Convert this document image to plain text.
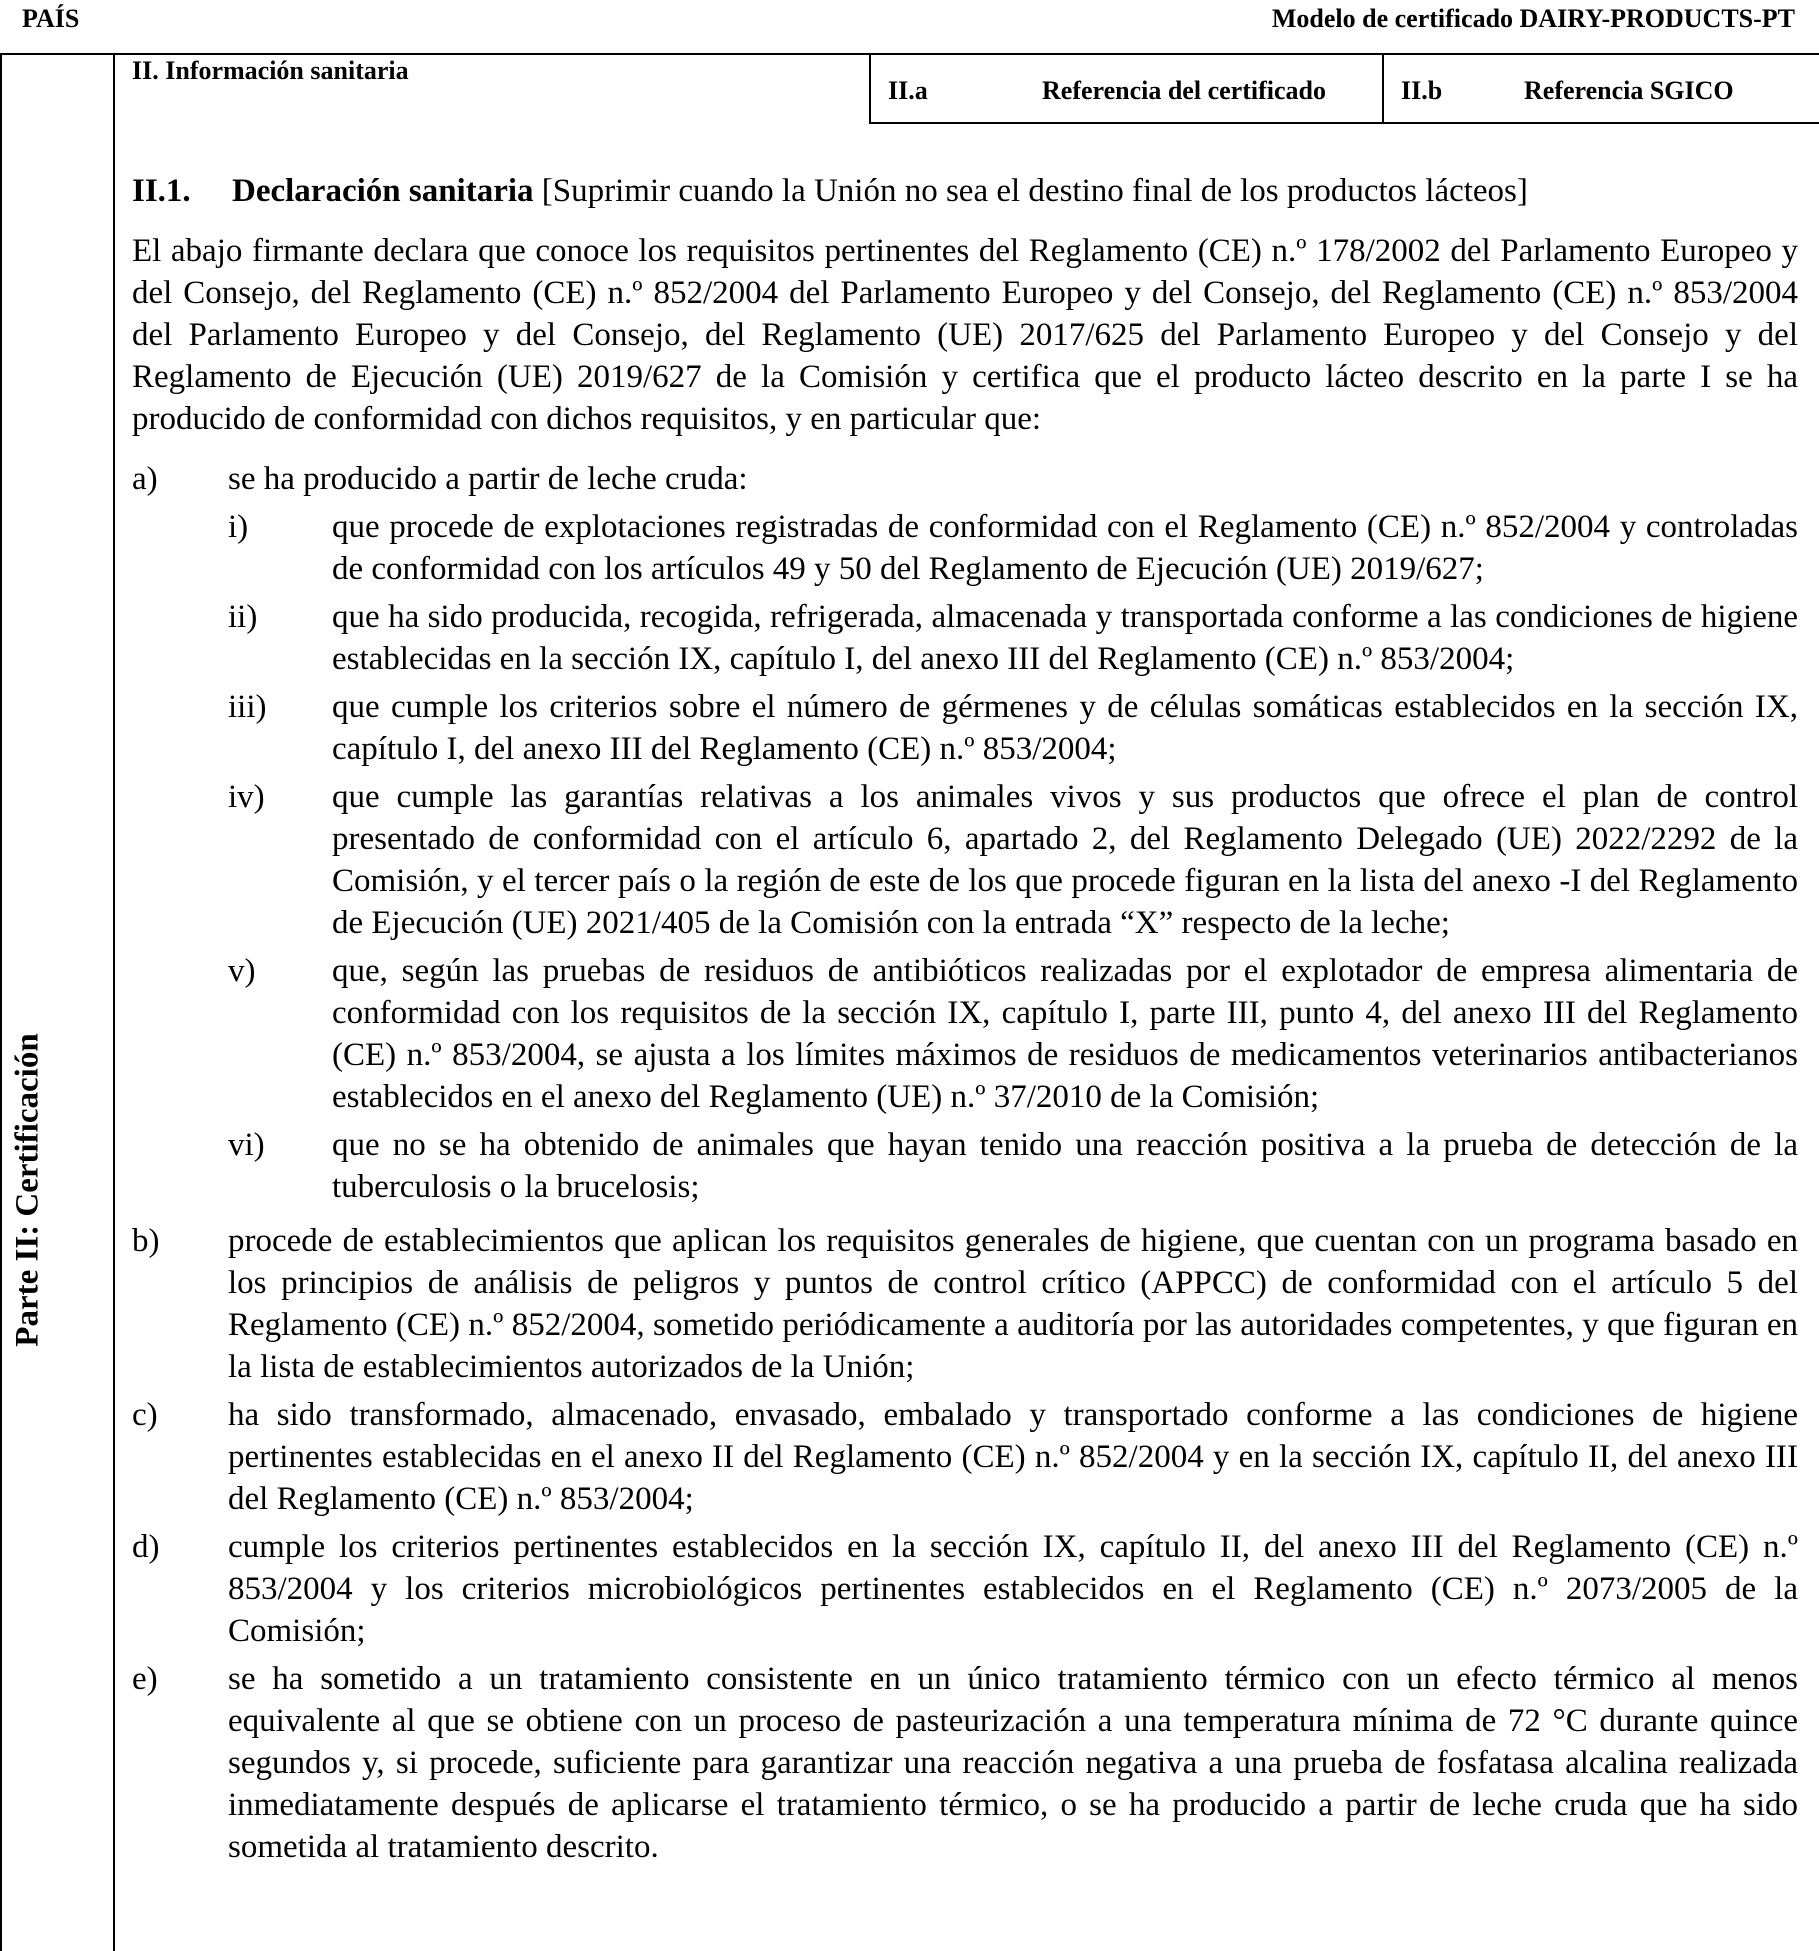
PAÍS	Modelo de certificado DAIRY-PRODUCTS-PT
Parte II: Certificación
II. Información sanitaria
II.a	Referencia del certificado	II.b	Referencia SGICO

II.1. Declaración sanitaria [Suprimir cuando la Unión no sea el destino final de los productos lácteos]

El abajo firmante declara que conoce los requisitos pertinentes del Reglamento (CE) n.º 178/2002 del Parlamento Europeo y del Consejo, del Reglamento (CE) n.º 852/2004 del Parlamento Europeo y del Consejo, del Reglamento (CE) n.º 853/2004 del Parlamento Europeo y del Consejo, del Reglamento (UE) 2017/625 del Parlamento Europeo y del Consejo y del Reglamento de Ejecución (UE) 2019/627 de la Comisión y certifica que el producto lácteo descrito en la parte I se ha producido de conformidad con dichos requisitos, y en particular que:

a)	se ha producido a partir de leche cruda:

i)	que procede de explotaciones registradas de conformidad con el Reglamento (CE) n.º 852/2004 y controladas de conformidad con los artículos 49 y 50 del Reglamento de Ejecución (UE) 2019/627;
ii)	que ha sido producida, recogida, refrigerada, almacenada y transportada conforme a las condiciones de higiene establecidas en la sección IX, capítulo I, del anexo III del Reglamento (CE) n.º 853/2004;
iii)	que cumple los criterios sobre el número de gérmenes y de células somáticas establecidos en la sección IX, capítulo I, del anexo III del Reglamento (CE) n.º 853/2004;
iv)	que cumple las garantías relativas a los animales vivos y sus productos que ofrece el plan de control presentado de conformidad con el artículo 6, apartado 2, del Reglamento Delegado (UE) 2022/2292 de la Comisión, y el tercer país o la región de este de los que procede figuran en la lista del anexo -I del Reglamento de Ejecución (UE) 2021/405 de la Comisión con la entrada “X” respecto de la leche;
v)	que, según las pruebas de residuos de antibióticos realizadas por el explotador de empresa alimentaria de conformidad con los requisitos de la sección IX, capítulo I, parte III, punto 4, del anexo III del Reglamento (CE) n.º 853/2004, se ajusta a los límites máximos de residuos de medicamentos veterinarios antibacterianos establecidos en el anexo del Reglamento (UE) n.º 37/2010 de la Comisión;
vi)	que no se ha obtenido de animales que hayan tenido una reacción positiva a la prueba de detección de la tuberculosis o la brucelosis;
b)	procede de establecimientos que aplican los requisitos generales de higiene, que cuentan con un programa basado en los principios de análisis de peligros y puntos de control crítico (APPCC) de conformidad con el artículo 5 del Reglamento (CE) n.º 852/2004, sometido periódicamente a auditoría por las autoridades competentes, y que figuran en la lista de establecimientos autorizados de la Unión;
c)	ha sido transformado, almacenado, envasado, embalado y transportado conforme a las condiciones de higiene pertinentes establecidas en el anexo II del Reglamento (CE) n.º 852/2004 y en la sección IX, capítulo II, del anexo III del Reglamento (CE) n.º 853/2004;
d)	cumple los criterios pertinentes establecidos en la sección IX, capítulo II, del anexo III del Reglamento (CE) n.º 853/2004 y los criterios microbiológicos pertinentes establecidos en el Reglamento (CE) n.º 2073/2005 de la Comisión;
e)	se ha sometido a un tratamiento consistente en un único tratamiento térmico con un efecto térmico al menos equivalente al que se obtiene con un proceso de pasteurización a una temperatura mínima de 72 °C durante quince segundos y, si procede, suficiente para garantizar una reacción negativa a una prueba de fosfatasa alcalina realizada inmediatamente después de aplicarse el tratamiento térmico, o se ha producido a partir de leche cruda que ha sido sometida al tratamiento descrito.
